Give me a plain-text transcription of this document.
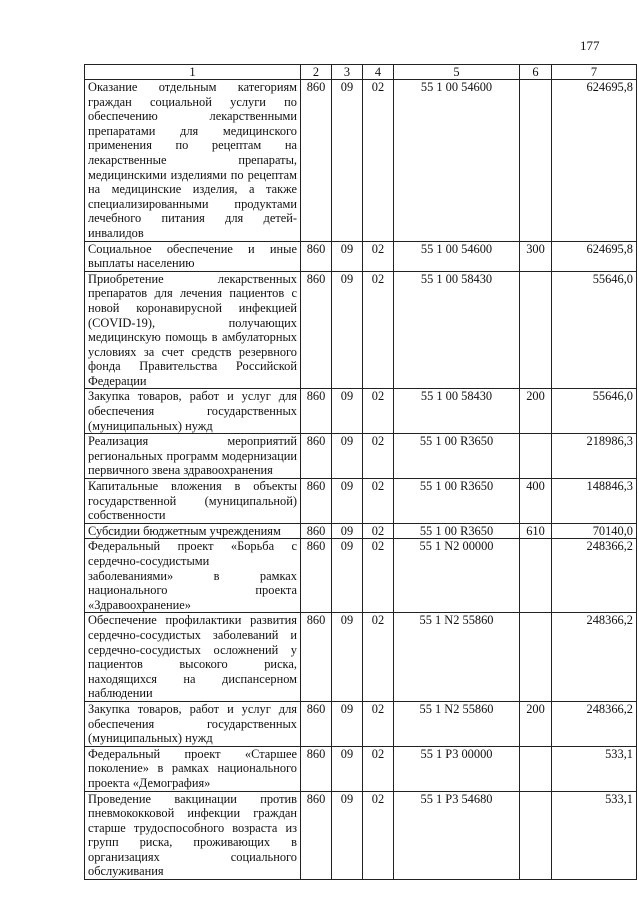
177
1	2	3	4	5	6	7
Оказание отдельным категориям граждан социальной услуги по обеспечению лекарственными препаратами для медицинского применения по рецептам на лекарственные препараты, медицинскими изделиями по рецептам на медицинские изделия, а также специализированными продуктами лечебного питания для детей-инвалидов	860	09	02	55 1 00 54600		624695,8
Социальное обеспечение и иные выплаты населению	860	09	02	55 1 00 54600	300	624695,8
Приобретение лекарственных препаратов для лечения пациентов с новой коронавирусной инфекцией (COVID-19), получающих медицинскую помощь в амбулаторных условиях за счет средств резервного фонда Правительства Российской Федерации	860	09	02	55 1 00 58430		55646,0
Закупка товаров, работ и услуг для обеспечения государственных (муниципальных) нужд	860	09	02	55 1 00 58430	200	55646,0
Реализация мероприятий региональных программ модернизации первичного звена здравоохранения	860	09	02	55 1 00 R3650		218986,3
Капитальные вложения в объекты государственной (муниципальной) собственности	860	09	02	55 1 00 R3650	400	148846,3
Субсидии бюджетным учреждениям	860	09	02	55 1 00 R3650	610	70140,0
Федеральный проект «Борьба с сердечно-сосудистыми заболеваниями» в рамках национального проекта «Здравоохранение»	860	09	02	55 1 N2 00000		248366,2
Обеспечение профилактики развития сердечно-сосудистых заболеваний и сердечно-сосудистых осложнений у пациентов высокого риска, находящихся на диспансерном наблюдении	860	09	02	55 1 N2 55860		248366,2
Закупка товаров, работ и услуг для обеспечения государственных (муниципальных) нужд	860	09	02	55 1 N2 55860	200	248366,2
Федеральный проект «Старшее поколение» в рамках национального проекта «Демография»	860	09	02	55 1 P3 00000		533,1
Проведение вакцинации против пневмококковой инфекции граждан старше трудоспособного возраста из групп риска, проживающих в организациях социального обслуживания	860	09	02	55 1 P3 54680		533,1
